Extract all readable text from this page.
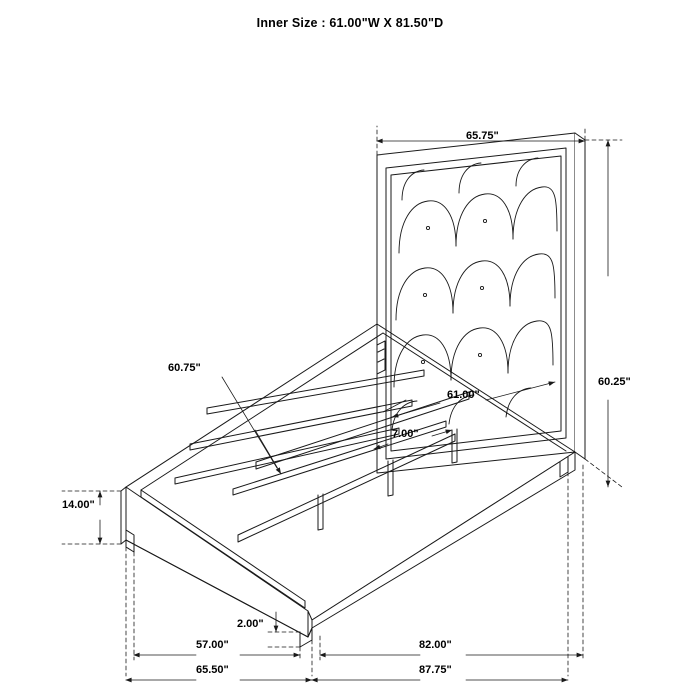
Inner Size : 61.00"W X 81.50"D
65.75"
60.25"
60.75"
61.00"
7.00"
14.00"
2.00"
57.00"	82.00"
65.50"	87.75"
